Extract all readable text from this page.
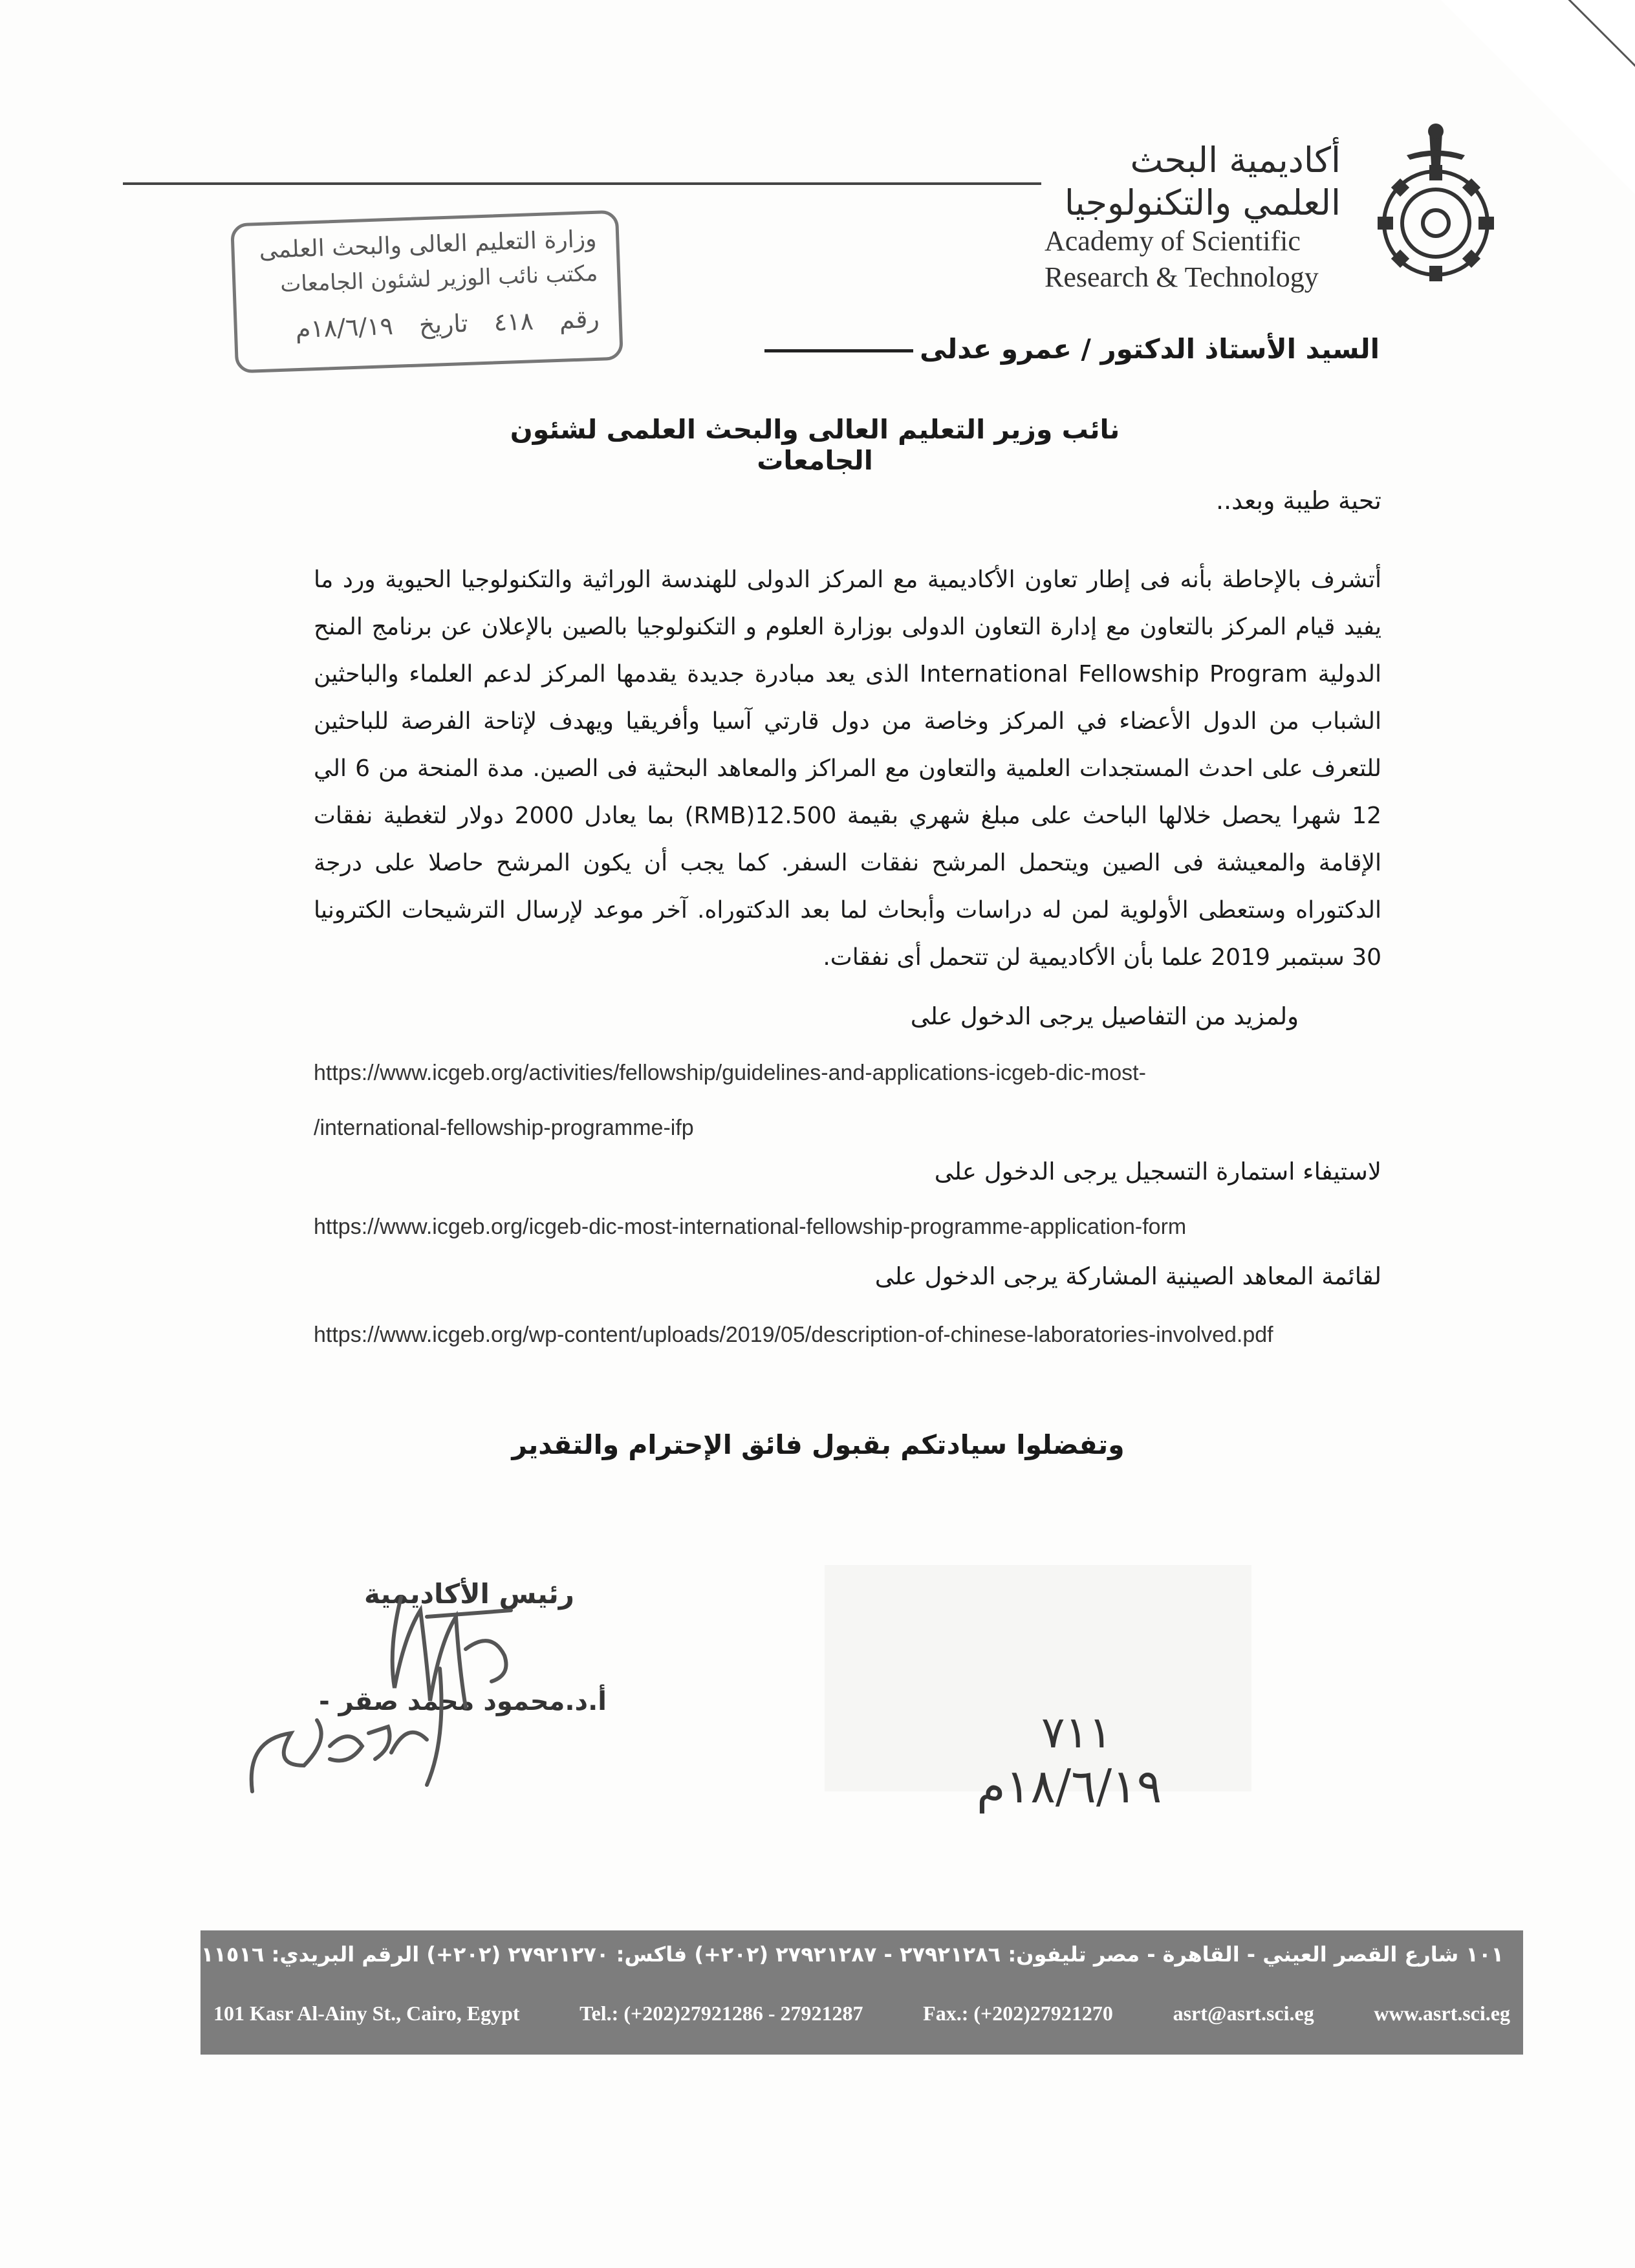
أكاديمية البحث
العلمي والتكنولوجيا
Academy of Scientific
Research & Technology
وزارة التعليم العالى والبحث العلمى
مكتب نائب الوزير لشئون الجامعات
رقم ٤١٨ تاريخ ١٨/٦/١٩م
السيد الأستاذ الدكتور / عمرو عدلى
نائب وزير التعليم العالى والبحث العلمى لشئون الجامعات
تحية طيبة وبعد..

أتشرف بالإحاطة بأنه فى إطار تعاون الأكاديمية مع المركز الدولى للهندسة الوراثية والتكنولوجيا الحيوية ورد ما يفيد قيام المركز بالتعاون مع إدارة التعاون الدولى بوزارة العلوم و التكنولوجيا بالصين بالإعلان عن برنامج المنح الدولية International Fellowship Program الذى يعد مبادرة جديدة يقدمها المركز لدعم العلماء والباحثين الشباب من الدول الأعضاء في المركز وخاصة من دول قارتي آسيا وأفريقيا ويهدف لإتاحة الفرصة للباحثين للتعرف على احدث المستجدات العلمية والتعاون مع المراكز والمعاهد البحثية فى الصين. مدة المنحة من 6 الي 12 شهرا يحصل خلالها الباحث على مبلغ شهري بقيمة 12.500(RMB) بما يعادل 2000 دولار لتغطية نفقات الإقامة والمعيشة فى الصين ويتحمل المرشح نفقات السفر. كما يجب أن يكون المرشح حاصلا على درجة الدكتوراه وستعطى الأولوية لمن له دراسات وأبحاث لما بعد الدكتوراه. آخر موعد لإرسال الترشيحات الكترونيا 30 سبتمبر 2019 علما بأن الأكاديمية لن تتحمل أى نفقات.

ولمزيد من التفاصيل يرجى الدخول على
https://www.icgeb.org/activities/fellowship/guidelines-and-applications-icgeb-dic-most-
/international-fellowship-programme-ifp
لاستيفاء استمارة التسجيل يرجى الدخول على
https://www.icgeb.org/icgeb-dic-most-international-fellowship-programme-application-form
لقائمة المعاهد الصينية المشاركة يرجى الدخول على
https://www.icgeb.org/wp-content/uploads/2019/05/description-of-chinese-laboratories-involved.pdf
وتفضلوا سيادتكم بقبول فائق الإحترام والتقدير
رئيس الأكاديمية
أ.د.محمود محمد صقر -
٧١١
١٨/٦/١٩م
١٠١ شارع القصر العيني - القاهرة - مصر تليفون: ٢٧٩٢١٢٨٦ - ٢٧٩٢١٢٨٧ (٢٠٢+) فاكس: ٢٧٩٢١٢٧٠ (٢٠٢+) الرقم البريدي: ١١٥١٦
101 Kasr Al-Ainy St., Cairo, Egypt	Tel.: (+202)27921286 - 27921287	Fax.: (+202)27921270	asrt@asrt.sci.eg	www.asrt.sci.eg
